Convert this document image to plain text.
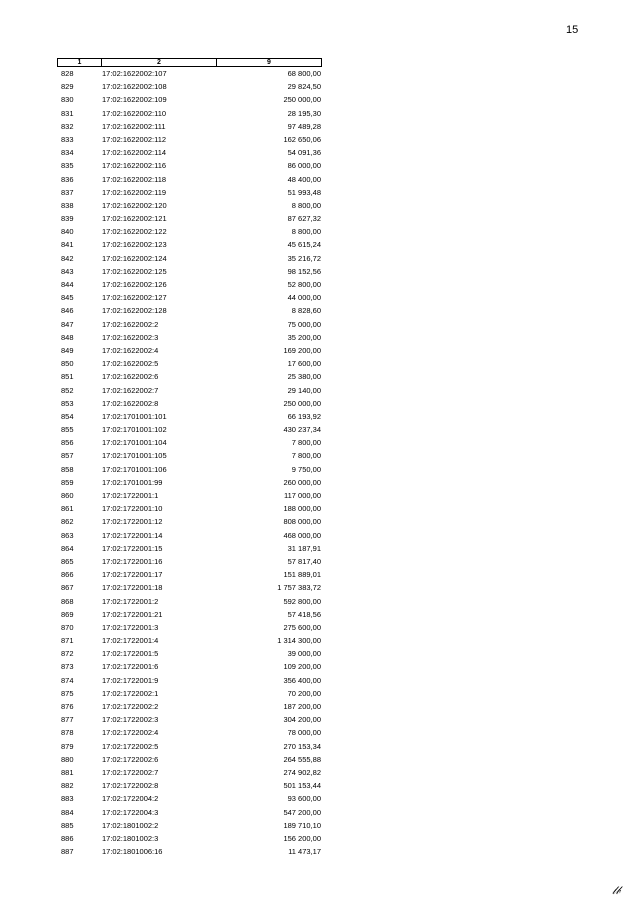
15
1	2	9
828	17:02:1622002:107	68 800,00
829	17:02:1622002:108	29 824,50
830	17:02:1622002:109	250 000,00
831	17:02:1622002:110	28 195,30
832	17:02:1622002:111	97 489,28
833	17:02:1622002:112	162 650,06
834	17:02:1622002:114	54 091,36
835	17:02:1622002:116	86 000,00
836	17:02:1622002:118	48 400,00
837	17:02:1622002:119	51 993,48
838	17:02:1622002:120	8 800,00
839	17:02:1622002:121	87 627,32
840	17:02:1622002:122	8 800,00
841	17:02:1622002:123	45 615,24
842	17:02:1622002:124	35 216,72
843	17:02:1622002:125	98 152,56
844	17:02:1622002:126	52 800,00
845	17:02:1622002:127	44 000,00
846	17:02:1622002:128	8 828,60
847	17:02:1622002:2	75 000,00
848	17:02:1622002:3	35 200,00
849	17:02:1622002:4	169 200,00
850	17:02:1622002:5	17 600,00
851	17:02:1622002:6	25 380,00
852	17:02:1622002:7	29 140,00
853	17:02:1622002:8	250 000,00
854	17:02:1701001:101	66 193,92
855	17:02:1701001:102	430 237,34
856	17:02:1701001:104	7 800,00
857	17:02:1701001:105	7 800,00
858	17:02:1701001:106	9 750,00
859	17:02:1701001:99	260 000,00
860	17:02:1722001:1	117 000,00
861	17:02:1722001:10	188 000,00
862	17:02:1722001:12	808 000,00
863	17:02:1722001:14	468 000,00
864	17:02:1722001:15	31 187,91
865	17:02:1722001:16	57 817,40
866	17:02:1722001:17	151 889,01
867	17:02:1722001:18	1 757 383,72
868	17:02:1722001:2	592 800,00
869	17:02:1722001:21	57 418,56
870	17:02:1722001:3	275 600,00
871	17:02:1722001:4	1 314 300,00
872	17:02:1722001:5	39 000,00
873	17:02:1722001:6	109 200,00
874	17:02:1722001:9	356 400,00
875	17:02:1722002:1	70 200,00
876	17:02:1722002:2	187 200,00
877	17:02:1722002:3	304 200,00
878	17:02:1722002:4	78 000,00
879	17:02:1722002:5	270 153,34
880	17:02:1722002:6	264 555,88
881	17:02:1722002:7	274 902,82
882	17:02:1722002:8	501 153,44
883	17:02:1722004:2	93 600,00
884	17:02:1722004:3	547 200,00
885	17:02:1801002:2	189 710,10
886	17:02:1801002:3	156 200,00
887	17:02:1801006:16	11 473,17
𝓁𝒷
